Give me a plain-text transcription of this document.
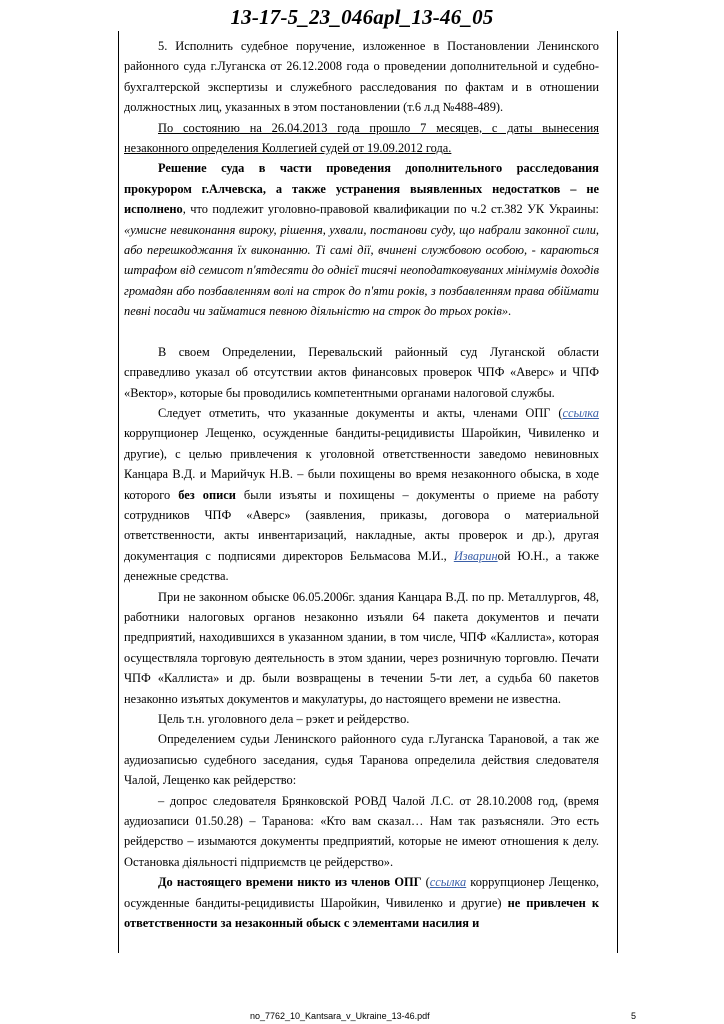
13-17-5_23_046apl_13-46_05

5. Исполнить судебное поручение, изложенное в Постановлении Ленинского районного суда г.Луганска от 26.12.2008 года о проведении дополнительной и судебно-бухгалтерской экспертизы и служебного расследования по фактам и в отношении должностных лиц, указанных в этом постановлении (т.6 л.д №488-489).

По состоянию на 26.04.2013 года прошло 7 месяцев, с даты вынесения незаконного определения Коллегией судей от 19.09.2012 года.

Решение суда в части проведения дополнительного расследования прокурором г.Алчевска, а также устранения выявленных недостатков – не исполнено, что подлежит уголовно-правовой квалификации по ч.2 ст.382 УК Украины: «умисне невиконання вироку, рішення, ухвали, постанови суду, що набрали законної сили, або перешкоджання їх виконанню. Ті самі дії, вчинені службовою особою, - караються штрафом від семисот п'ятдесяти до однієї тисячі неоподатковуваних мінімумів доходів громадян або позбавленням волі на строк до п'яти років, з позбавленням права обіймати певні посади чи займатися певною діяльністю на строк до трьох років».

В своем Определении, Перевальский районный суд Луганской области справедливо указал об отсутствии актов финансовых проверок ЧПФ «Аверс» и ЧПФ «Вектор», которые бы проводились компетентными органами налоговой службы.

Следует отметить, что указанные документы и акты, членами ОПГ (ссылка коррупционер Лещенко, осужденные бандиты-рецидивисты Шаройкин, Чивиленко и другие), с целью привлечения к уголовной ответственности заведомо невиновных Канцара В.Д. и Марийчук Н.В. – были похищены во время незаконного обыска, в ходе которого без описи были изъяты и похищены – документы о приеме на работу сотрудников ЧПФ «Аверс» (заявления, приказы, договора о материальной ответственности, акты инвентаризаций, накладные, акты проверок и др.), другая документация с подписями директоров Бельмасова М.И., Извариной Ю.Н., а также денежные средства.

При не законном обыске 06.05.2006г. здания Канцара В.Д. по пр. Металлургов, 48, работники налоговых органов незаконно изъяли 64 пакета документов и печати предприятий, находившихся в указанном здании, в том числе, ЧПФ «Каллиста», которая осуществляла торговую деятельность в этом здании, через розничную торговлю. Печати ЧПФ «Каллиста» и др. были возвращены в течении 5-ти лет, а судьба 60 пакетов незаконно изъятых документов и макулатуры, до настоящего времени не известна.

Цель т.н. уголовного дела – рэкет и рейдерство.

Определением судьи Ленинского районного суда г.Луганска Тарановой, а так же аудиозаписью судебного заседания, судья Таранова определила действия следователя Чалой, Лещенко как рейдерство:

– допрос следователя Брянковской РОВД Чалой Л.С. от 28.10.2008 год, (время аудиозаписи 01.50.28) – Таранова: «Кто вам сказал… Нам так разъясняли. Это есть рейдерство – изымаются документы предприятий, которые не имеют отношения к делу. Остановка діяльності підприємств це рейдерство».

До настоящего времени никто из членов ОПГ (ссылка коррупционер Лещенко, осужденные бандиты-рецидивисты Шаройкин, Чивиленко и другие) не привлечен к ответственности за незаконный обыск с элементами насилия и

no_7762_10_Kantsara_v_Ukraine_13-46.pdf	5
